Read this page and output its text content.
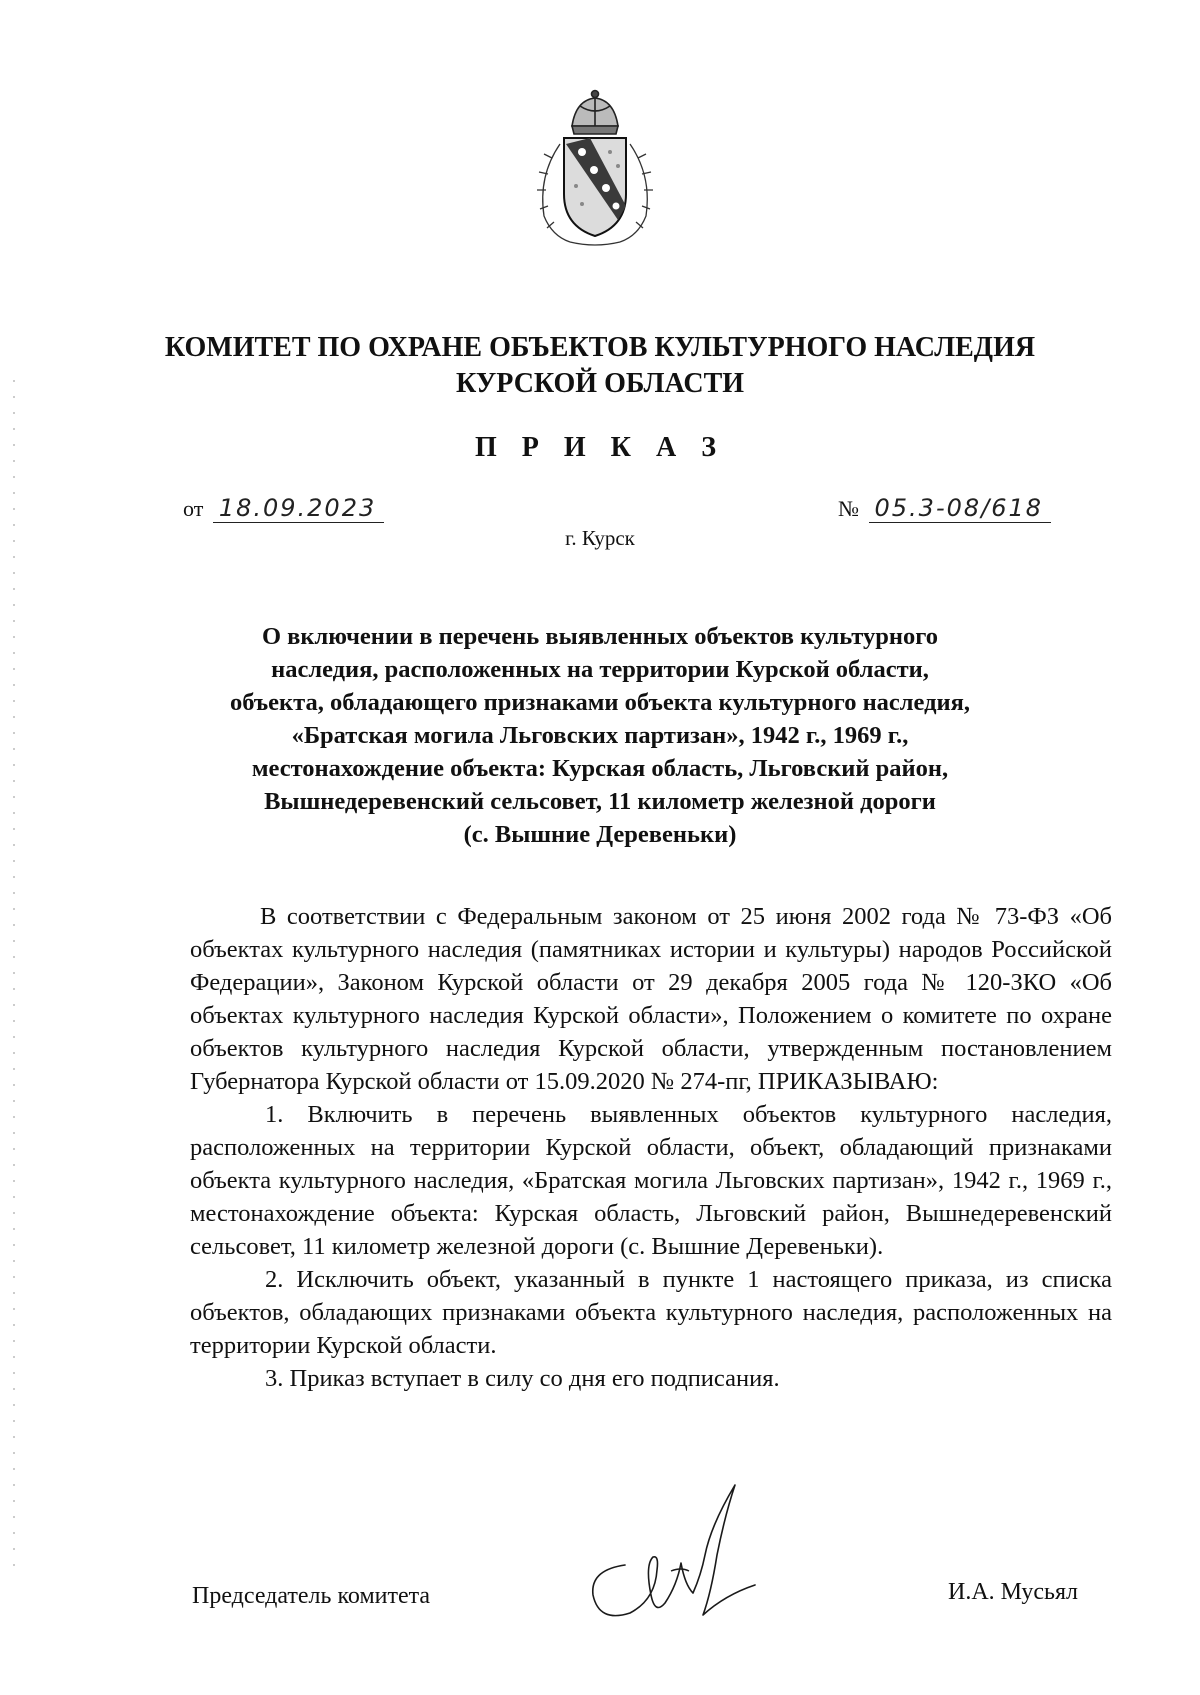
КОМИТЕТ ПО ОХРАНЕ ОБЪЕКТОВ КУЛЬТУРНОГО НАСЛЕДИЯ
КУРСКОЙ ОБЛАСТИ
П Р И К А З
от 18.09.2023	№ 05.3-08/618
г. Курск
О включении в перечень выявленных объектов культурного
наследия, расположенных на территории Курской области,
объекта, обладающего признаками объекта культурного наследия,
«Братская могила Льговских партизан», 1942 г., 1969 г.,
местонахождение объекта: Курская область, Льговский район,
Вышнедеревенский сельсовет, 11 километр железной дороги
(с. Вышние Деревеньки)

В соответствии с Федеральным законом от 25 июня 2002 года № 73-ФЗ «Об объектах культурного наследия (памятниках истории и культуры) народов Российской Федерации», Законом Курской области от 29 декабря 2005 года № 120-ЗКО «Об объектах культурного наследия Курской области», Положением о комитете по охране объектов культурного наследия Курской области, утвержденным постановлением Губернатора Курской области от 15.09.2020 № 274-пг, ПРИКАЗЫВАЮ:

1. Включить в перечень выявленных объектов культурного наследия, расположенных на территории Курской области, объект, обладающий признаками объекта культурного наследия, «Братская могила Льговских партизан», 1942 г., 1969 г., местонахождение объекта: Курская область, Льговский район, Вышнедеревенский сельсовет, 11 километр железной дороги (с. Вышние Деревеньки).

2. Исключить объект, указанный в пункте 1 настоящего приказа, из списка объектов, обладающих признаками объекта культурного наследия, расположенных на территории Курской области.

3. Приказ вступает в силу со дня его подписания.

Председатель комитета	И.А. Мусьял
